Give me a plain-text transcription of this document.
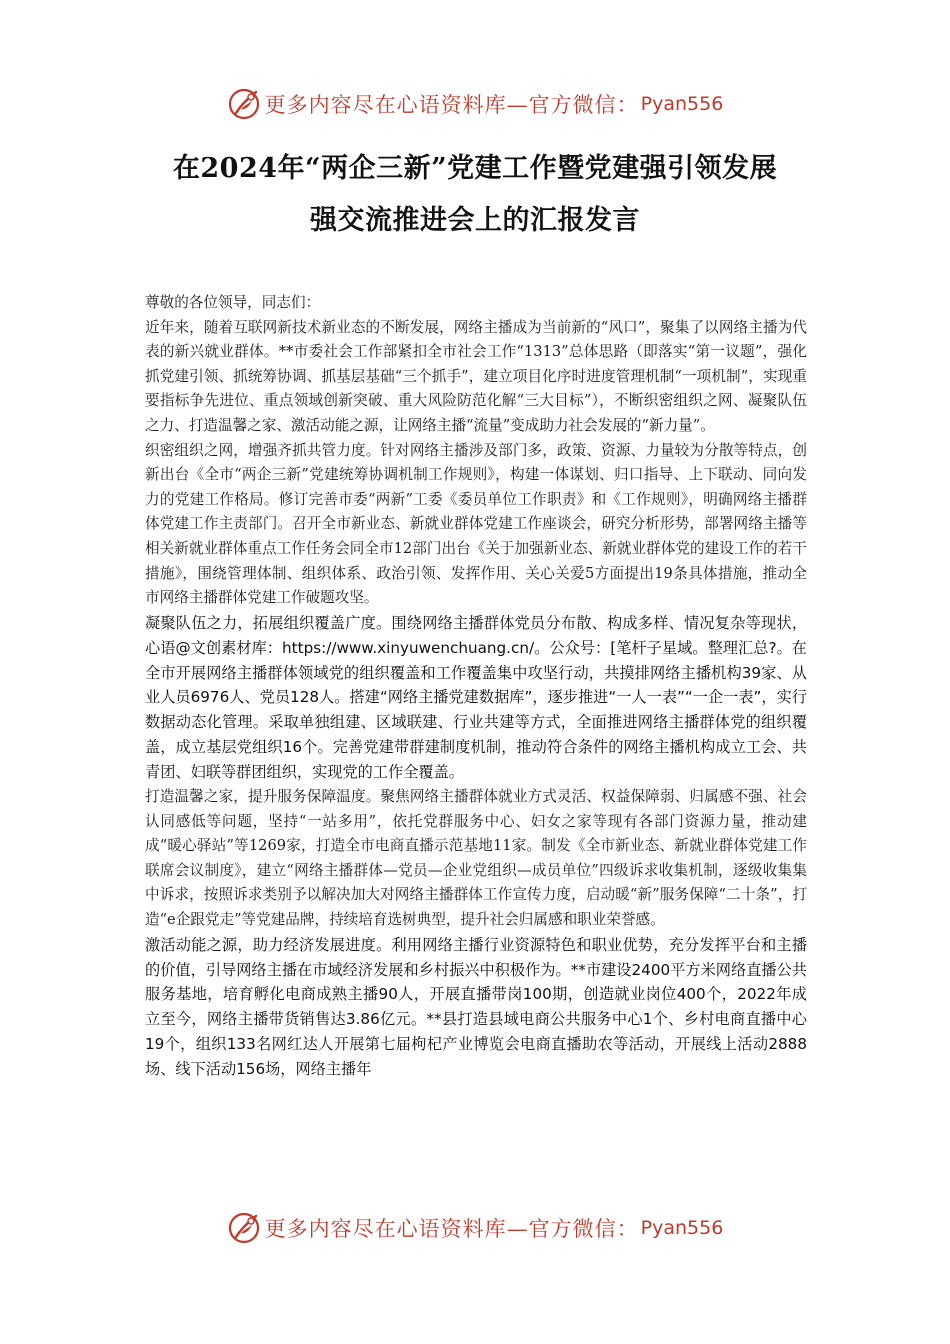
更多内容尽在心语资料库—官方微信： Pyan556
在2024年“两企三新”党建工作暨党建强引领发展
强交流推进会上的汇报发言

尊敬的各位领导，同志们：

近年来，随着互联网新技术新业态的不断发展，网络主播成为当前新的“风口”，聚集了以网络主播为代表的新兴就业群体。**市委社会工作部紧扣全市社会工作“1313”总体思路（即落实“第一议题”，强化抓党建引领、抓统筹协调、抓基层基础“三个抓手”，建立项目化序时进度管理机制“一项机制”，实现重要指标争先进位、重点领域创新突破、重大风险防范化解“三大目标”），不断织密组织之网、凝聚队伍之力、打造温馨之家、激活动能之源，让网络主播“流量”变成助力社会发展的“新力量”。

织密组织之网，增强齐抓共管力度。针对网络主播涉及部门多，政策、资源、力量较为分散等特点，创新出台《全市“两企三新”党建统筹协调机制工作规则》，构建一体谋划、归口指导、上下联动、同向发力的党建工作格局。修订完善市委“两新”工委《委员单位工作职责》和《工作规则》，明确网络主播群体党建工作主责部门。召开全市新业态、新就业群体党建工作座谈会，研究分析形势，部署网络主播等相关新就业群体重点工作任务会同全市12部门出台《关于加强新业态、新就业群体党的建设工作的若干措施》，围绕管理体制、组织体系、政治引领、发挥作用、关心关爱5方面提出19条具体措施，推动全市网络主播群体党建工作破题攻坚。

凝聚队伍之力，拓展组织覆盖广度。围绕网络主播群体党员分布散、构成多样、情况复杂等现状，心语@文创素材库：https://www.xinyuwenchuang.cn/。公众号：[笔杆子星域。整理汇总?。在全市开展网络主播群体领域党的组织覆盖和工作覆盖集中攻坚行动，共摸排网络主播机构39家、从业人员6976人、党员128人。搭建“网络主播党建数据库”，逐步推进“一人一表”“一企一表”，实行数据动态化管理。采取单独组建、区域联建、行业共建等方式，全面推进网络主播群体党的组织覆盖，成立基层党组织16个。完善党建带群建制度机制，推动符合条件的网络主播机构成立工会、共青团、妇联等群团组织，实现党的工作全覆盖。

打造温馨之家，提升服务保障温度。聚焦网络主播群体就业方式灵活、权益保障弱、归属感不强、社会认同感低等问题，坚持“一站多用”，依托党群服务中心、妇女之家等现有各部门资源力量，推动建成“暖心驿站”等1269家，打造全市电商直播示范基地11家。制发《全市新业态、新就业群体党建工作联席会议制度》，建立“网络主播群体—党员—企业党组织—成员单位”四级诉求收集机制，逐级收集集中诉求，按照诉求类别予以解决加大对网络主播群体工作宣传力度，启动暖“新”服务保障“二十条”，打造“e企跟党走”等党建品牌，持续培育选树典型，提升社会归属感和职业荣誉感。

激活动能之源，助力经济发展进度。利用网络主播行业资源特色和职业优势，充分发挥平台和主播的价值，引导网络主播在市域经济发展和乡村振兴中积极作为。**市建设2400平方米网络直播公共服务基地，培育孵化电商成熟主播90人，开展直播带岗100期，创造就业岗位400个，2022年成立至今，网络主播带货销售达3.86亿元。**县打造县域电商公共服务中心1个、乡村电商直播中心19个，组织133名网红达人开展第七届枸杞产业博览会电商直播助农等活动，开展线上活动2888场、线下活动156场，网络主播年

更多内容尽在心语资料库—官方微信： Pyan556
